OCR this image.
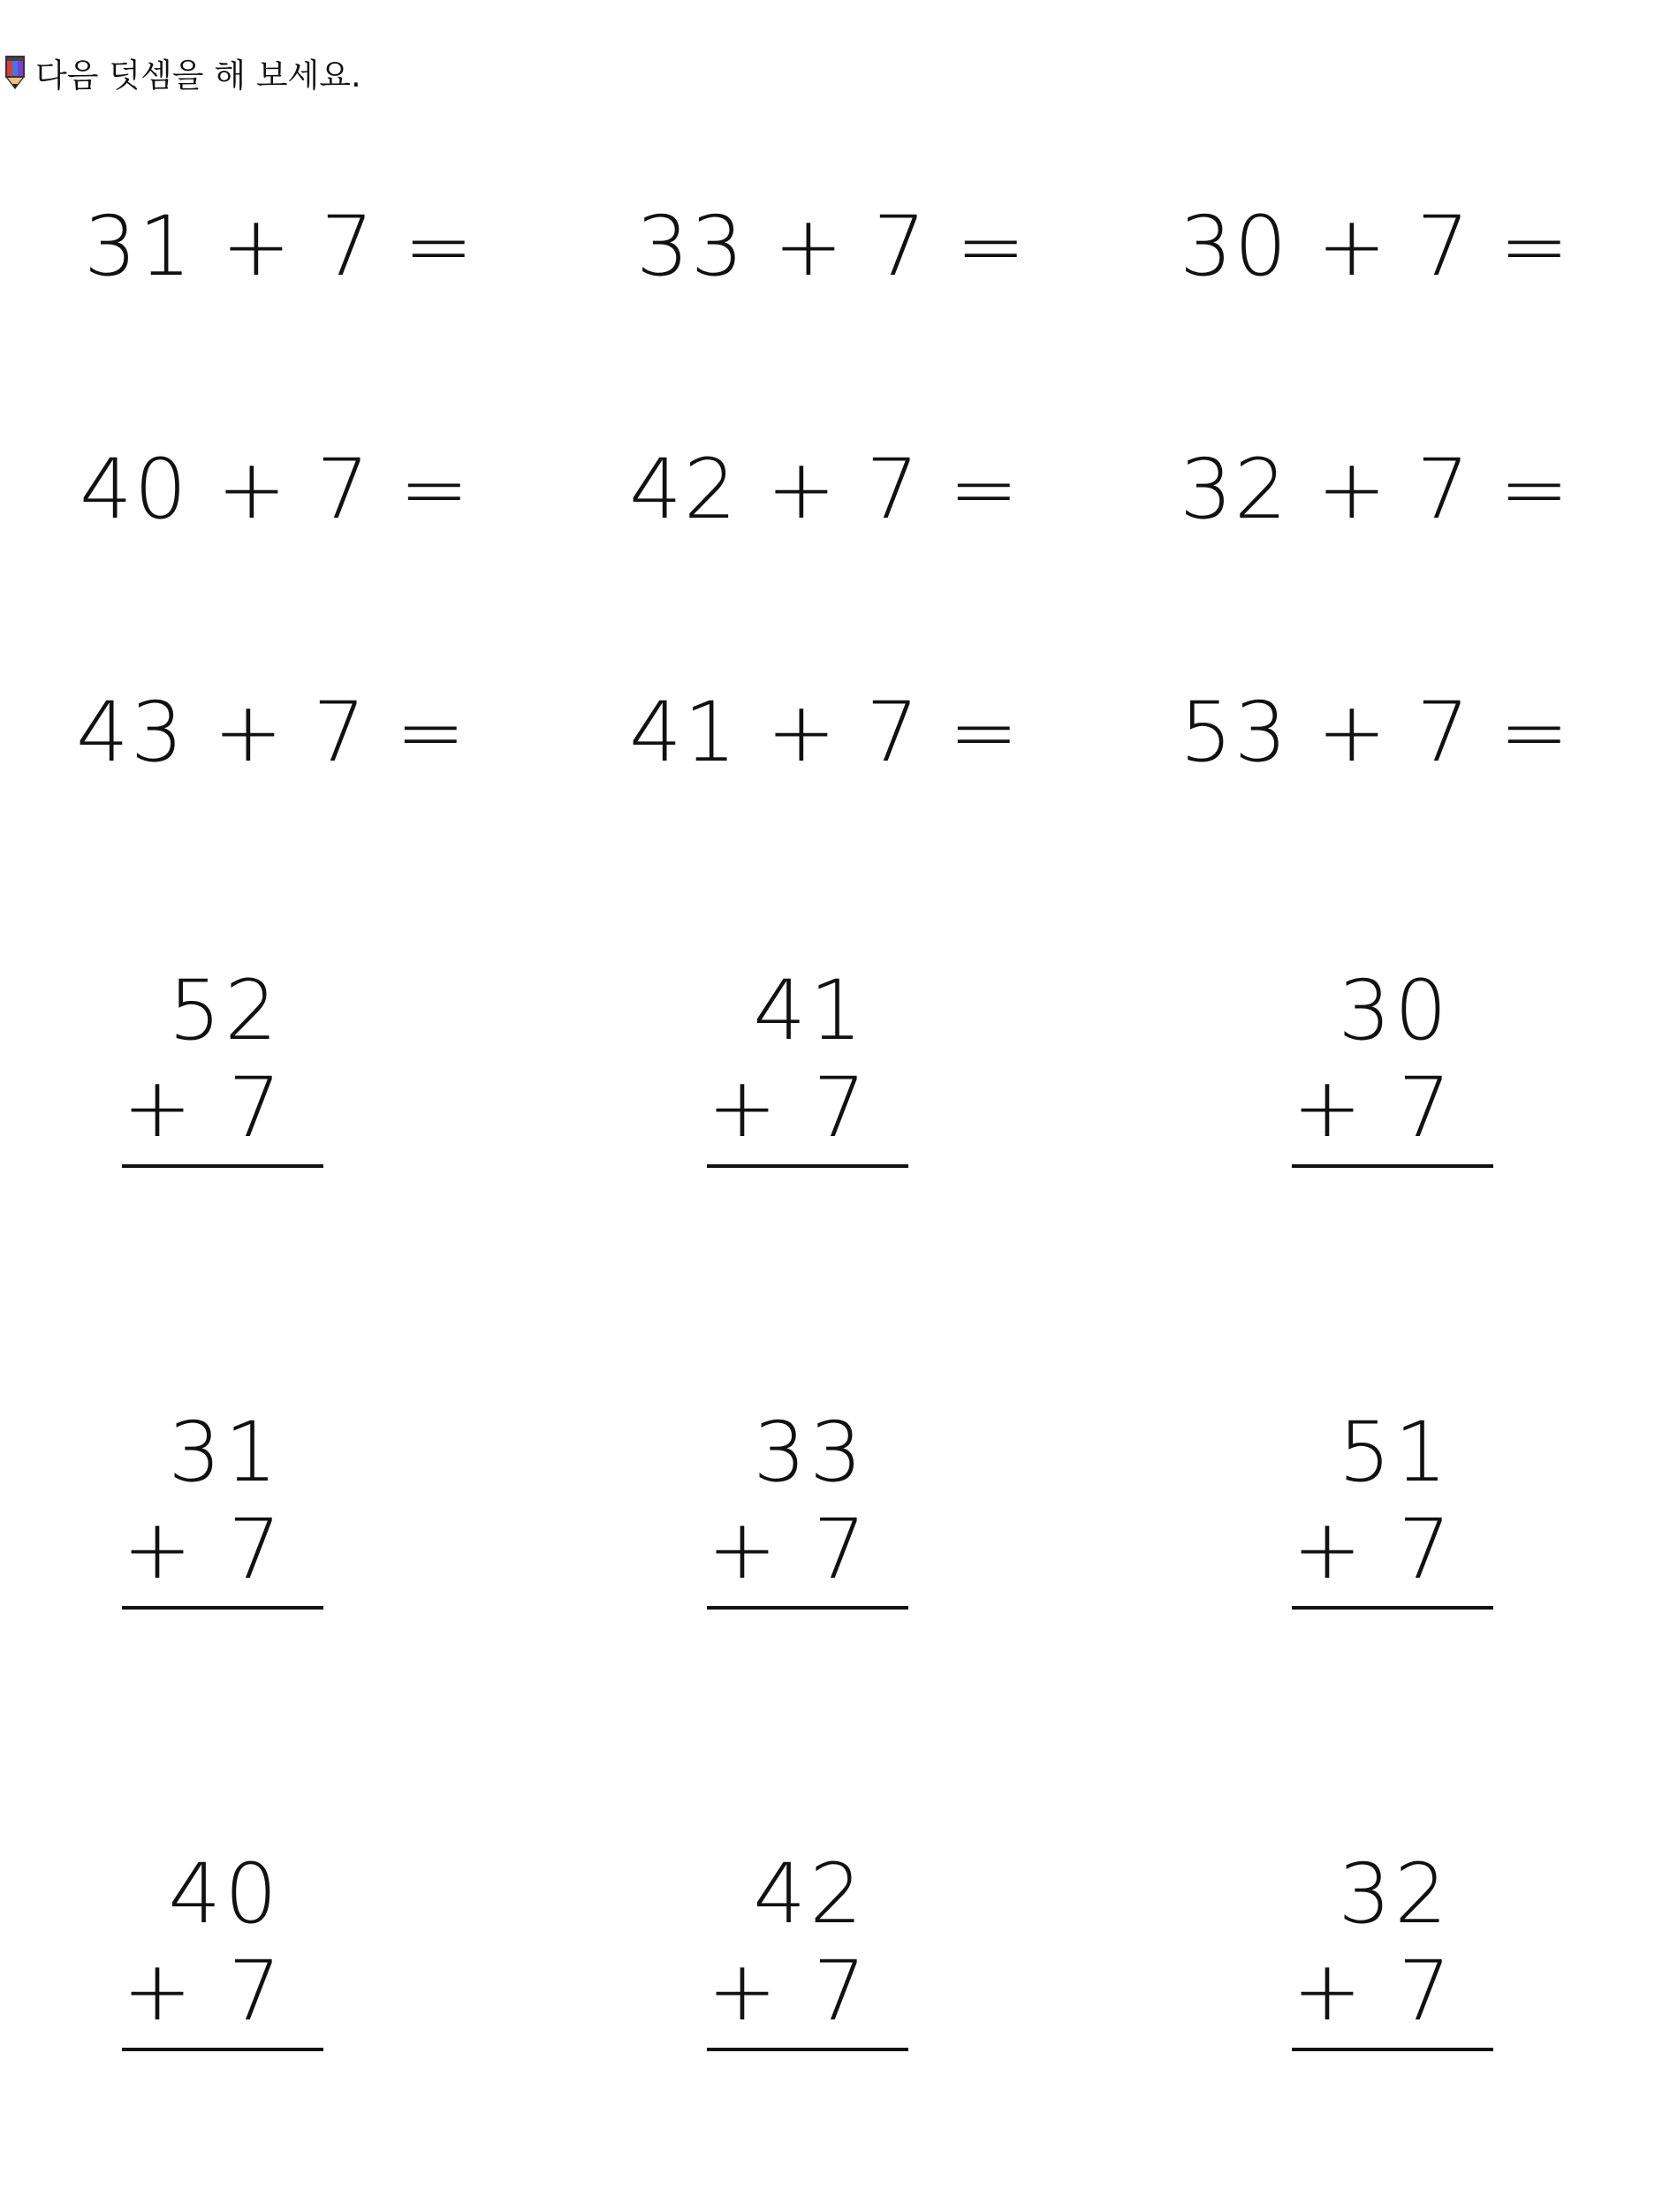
다음 덧셈을 해 보세요.
31 + 7 = 33 + 7 = 30 + 7 =
40 + 7 = 42 + 7 = 32 + 7 =
43 + 7 = 41 + 7 = 53 + 7 =
52
+ 7
41
+ 7
30
+ 7
31
+ 7
33
+ 7
51
+ 7
40
+ 7
42
+ 7
32
+ 7
